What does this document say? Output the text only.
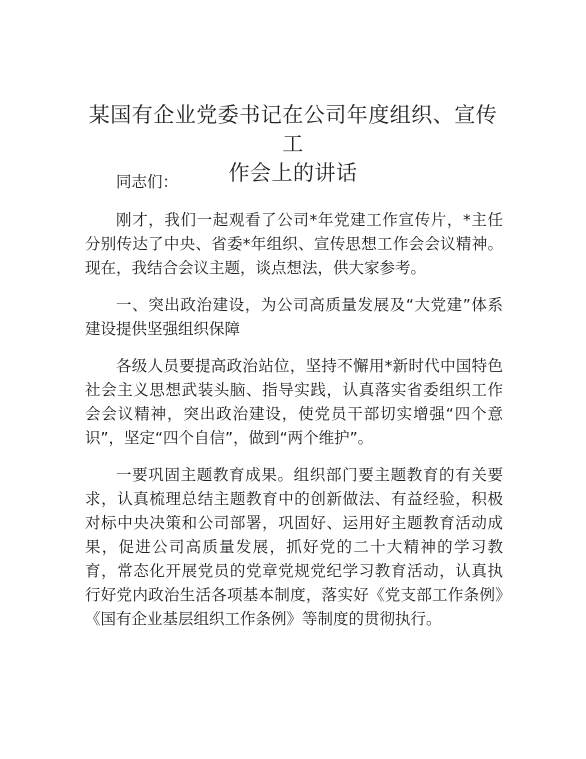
某国有企业党委书记在公司年度组织、宣传工
作会上的讲话

同志们：

刚才，我们一起观看了公司*年党建工作宣传片，*主任分别传达了中央、省委*年组织、宣传思想工作会会议精神。现在，我结合会议主题，谈点想法，供大家参考。

一、突出政治建设，为公司高质量发展及“大党建”体系建设提供坚强组织保障

各级人员要提高政治站位，坚持不懈用*新时代中国特色社会主义思想武装头脑、指导实践，认真落实省委组织工作会会议精神，突出政治建设，使党员干部切实增强“四个意识”，坚定“四个自信”，做到“两个维护”。

一要巩固主题教育成果。组织部门要主题教育的有关要求，认真梳理总结主题教育中的创新做法、有益经验，积极对标中央决策和公司部署，巩固好、运用好主题教育活动成果，促进公司高质量发展，抓好党的二十大精神的学习教育，常态化开展党员的党章党规党纪学习教育活动，认真执行好党内政治生活各项基本制度，落实好《党支部工作条例》《国有企业基层组织工作条例》等制度的贯彻执行。
